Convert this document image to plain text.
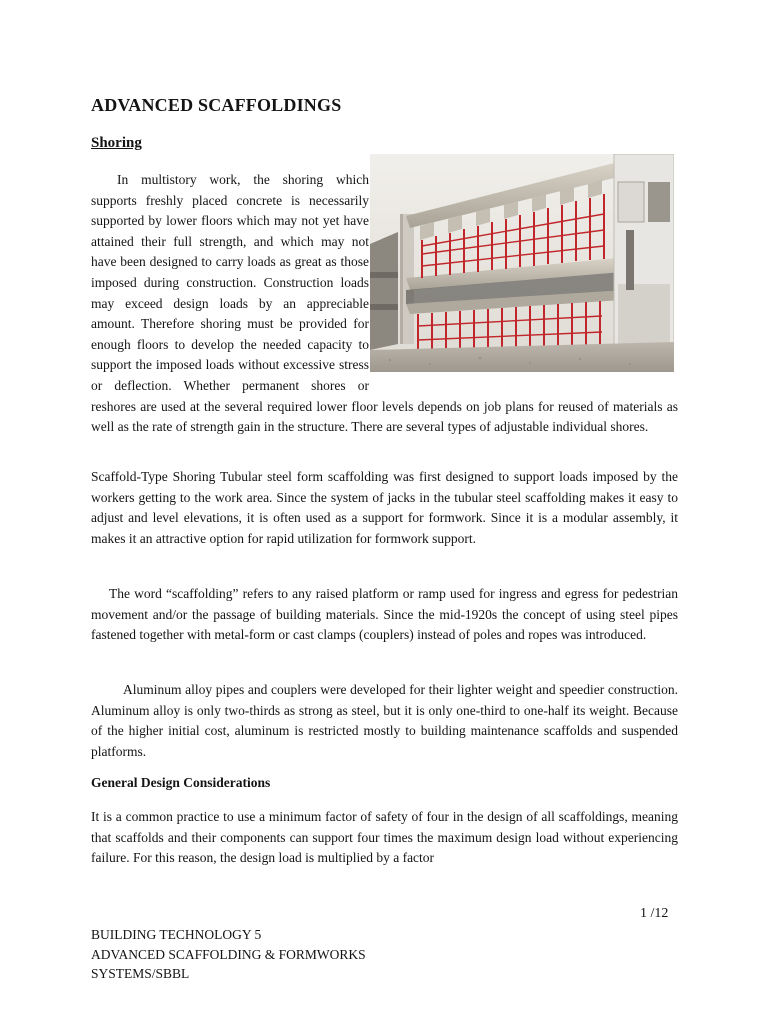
ADVANCED SCAFFOLDINGS
Shoring

In multistory work, the shoring which supports freshly placed concrete is necessarily supported by lower floors which may not yet have attained their full strength, and which may not have been designed to carry loads as great as those imposed during construction. Construction loads may exceed design loads by an appreciable amount. Therefore shoring must be provided for enough floors to develop the needed capacity to support the imposed loads without excessive stress or deflection. Whether permanent shores or reshores are used at the several required lower floor levels depends on job plans for reused of materials as well as the rate of strength gain in the structure. There are several types of adjustable individual shores.

Scaffold-Type Shoring Tubular steel form scaffolding was first designed to support loads imposed by the workers getting to the work area. Since the system of jacks in the tubular steel scaffolding makes it easy to adjust and level elevations, it is often used as a support for formwork. Since it is a modular assembly, it makes it an attractive option for rapid utilization for formwork support.

The word “scaffolding” refers to any raised platform or ramp used for ingress and egress for pedestrian movement and/or the passage of building materials. Since the mid-1920s the concept of using steel pipes fastened together with metal-form or cast clamps (couplers) instead of poles and ropes was introduced.

Aluminum alloy pipes and couplers were developed for their lighter weight and speedier construction. Aluminum alloy is only two-thirds as strong as steel, but it is only one-third to one-half its weight. Because of the higher initial cost, aluminum is restricted mostly to building maintenance scaffolds and suspended platforms.

General Design Considerations

It is a common practice to use a minimum factor of safety of four in the design of all scaffoldings, meaning that scaffolds and their components can support four times the maximum design load without experiencing failure. For this reason, the design load is multiplied by a factor

1 /12
BUILDING TECHNOLOGY 5
ADVANCED SCAFFOLDING & FORMWORKS
SYSTEMS/SBBL
